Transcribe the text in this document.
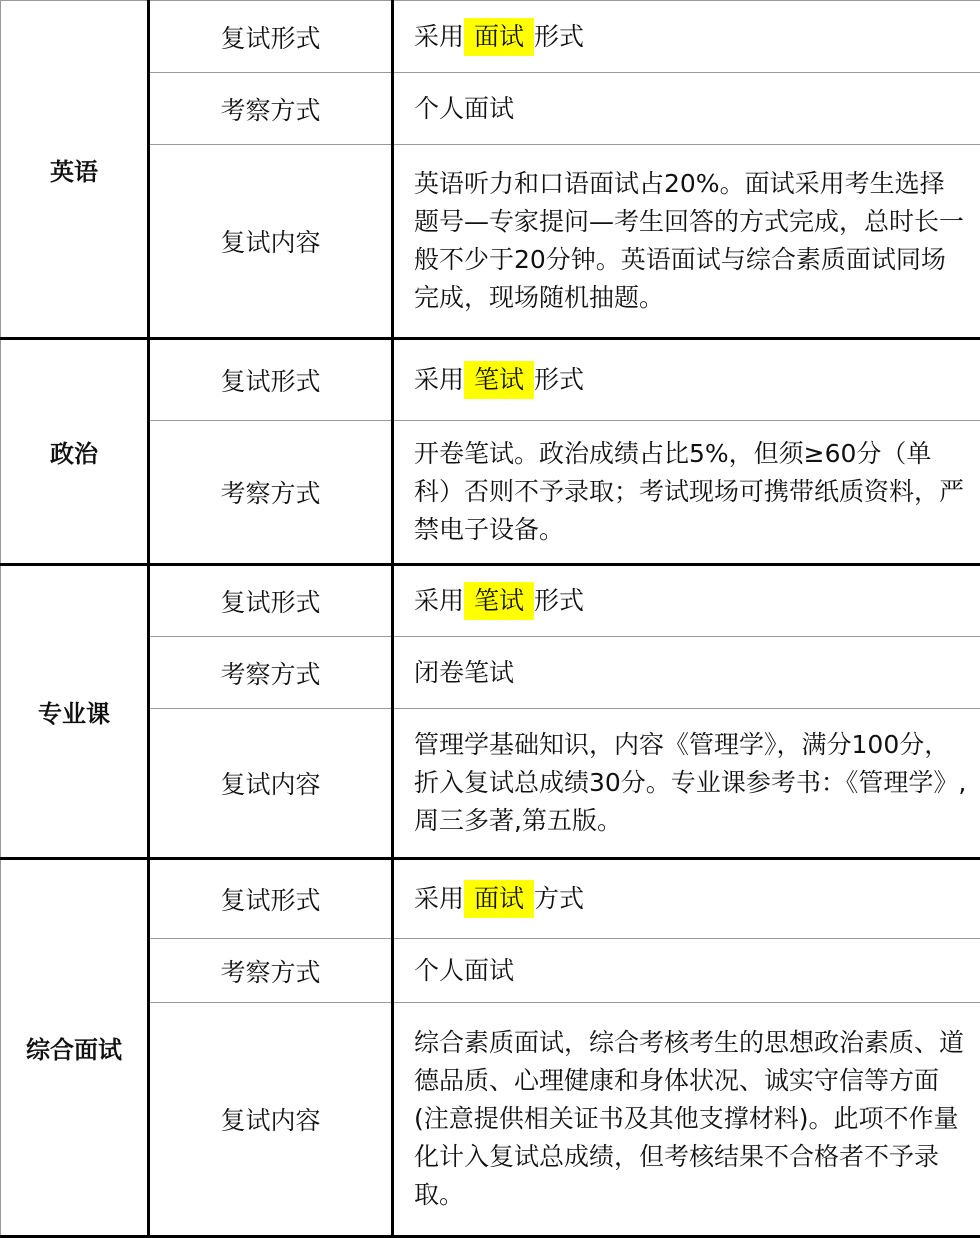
英语	复试形式	采用 面试 形式
	考察方式	个人面试
	复试内容	英语听力和口语面试占20%。面试采用考生选择题号—专家提问—考生回答的方式完成，总时长一般不少于20分钟。英语面试与综合素质面试同场完成，现场随机抽题。
政治	复试形式	采用 笔试 形式
	考察方式	开卷笔试。政治成绩占比5%，但须≥60分（单科）否则不予录取；考试现场可携带纸质资料，严禁电子设备。
专业课	复试形式	采用 笔试 形式
	考察方式	闭卷笔试
	复试内容	管理学基础知识，内容《管理学》，满分100分，折入复试总成绩30分。专业课参考书：《管理学》,周三多著,第五版。
综合面试	复试形式	采用 面试 方式
	考察方式	个人面试
	复试内容	综合素质面试，综合考核考生的思想政治素质、道德品质、心理健康和身体状况、诚实守信等方面(注意提供相关证书及其他支撑材料)。此项不作量化计入复试总成绩，但考核结果不合格者不予录取。
